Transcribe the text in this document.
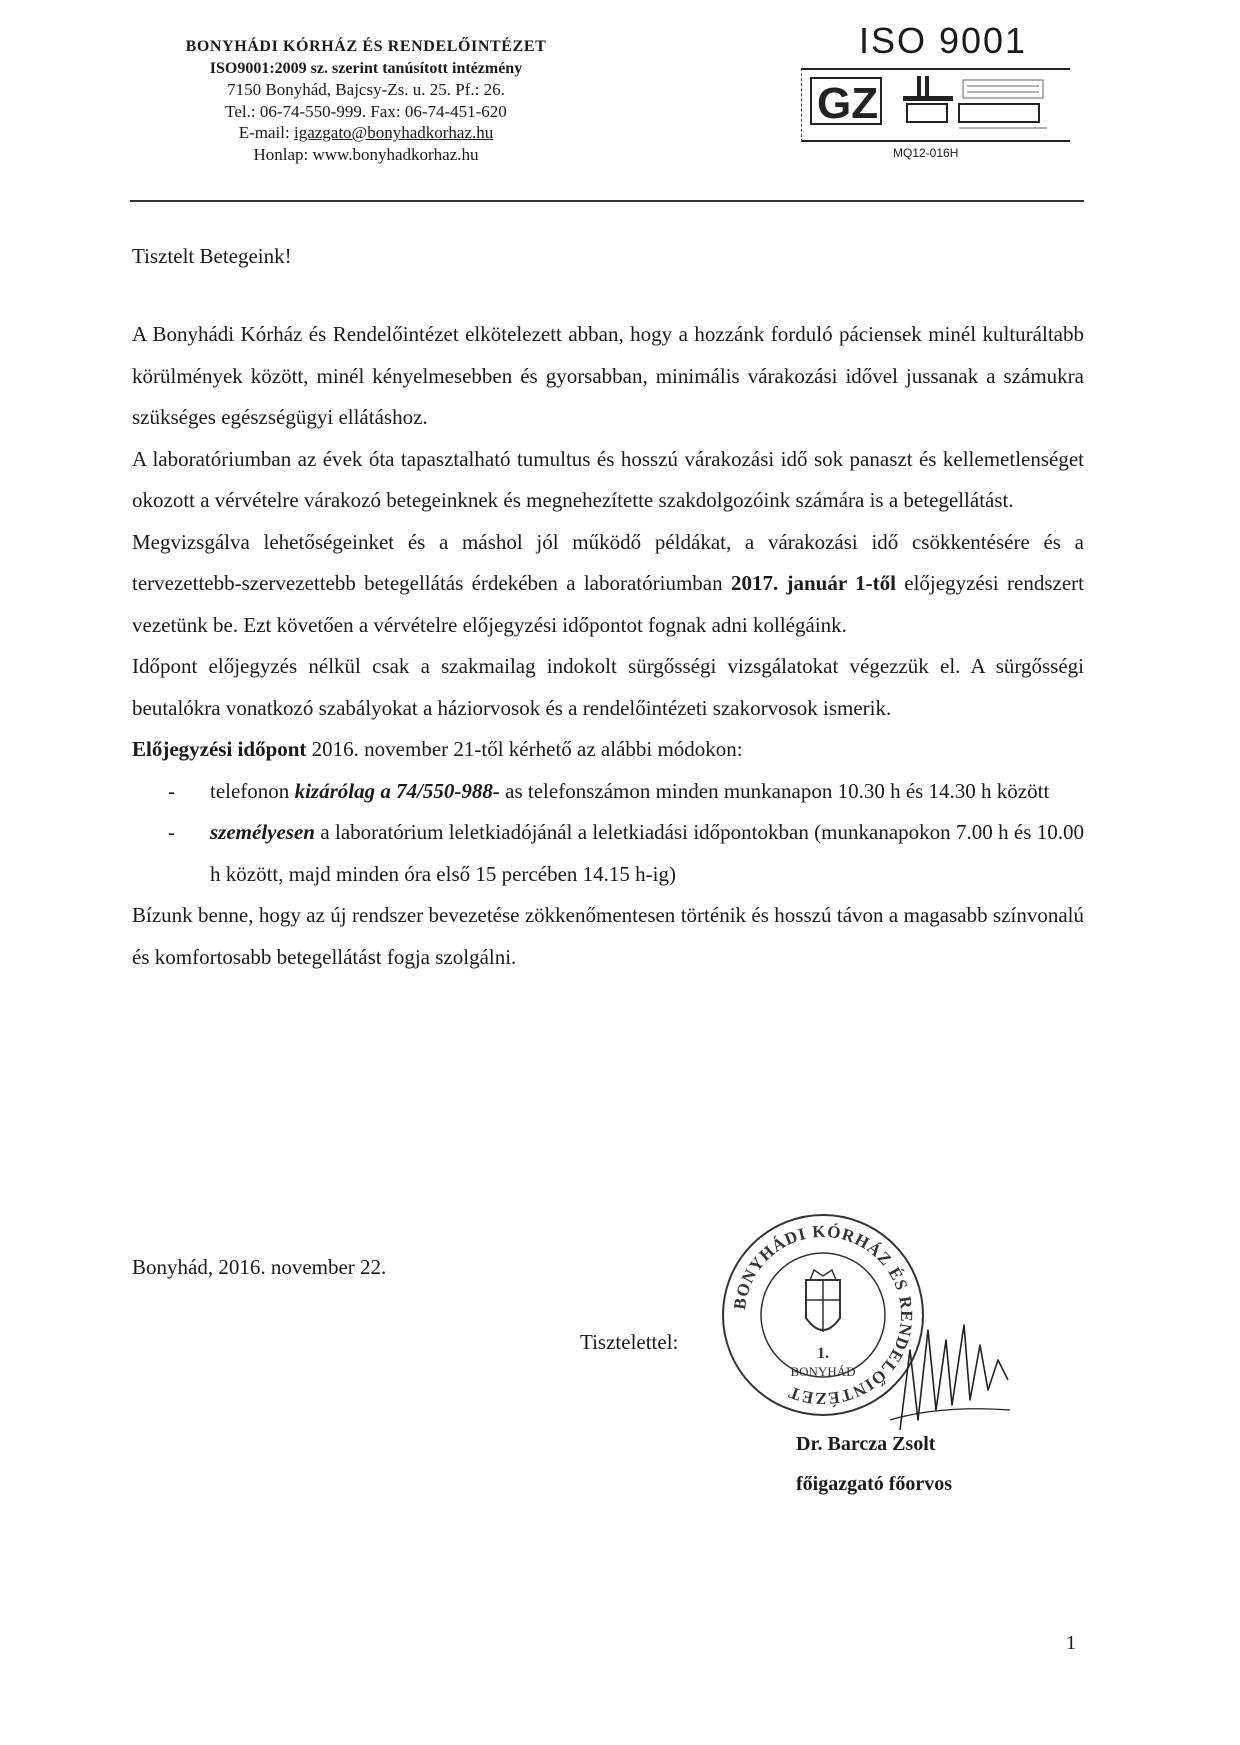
BONYHÁDI KÓRHÁZ ÉS RENDELŐINTÉZET
ISO9001:2009 sz. szerint tanúsított intézmény
7150 Bonyhád, Bajcsy-Zs. u. 25. Pf.: 26.
Tel.: 06-74-550-999. Fax: 06-74-451-620
E-mail: igazgato@bonyhadkorhaz.hu
Honlap: www.bonyhadkorhaz.hu
ISO 9001
GZ
MQ12-016H
Tisztelt Betegeink!

A Bonyhádi Kórház és Rendelőintézet elkötelezett abban, hogy a hozzánk forduló páciensek minél kulturáltabb körülmények között, minél kényelmesebben és gyorsabban, minimális várakozási idővel jussanak a számukra szükséges egészségügyi ellátáshoz.

A laboratóriumban az évek óta tapasztalható tumultus és hosszú várakozási idő sok panaszt és kellemetlenséget okozott a vérvételre várakozó betegeinknek és megnehezítette szakdolgozóink számára is a betegellátást.

Megvizsgálva lehetőségeinket és a máshol jól működő példákat, a várakozási idő csökkentésére és a tervezettebb-szervezettebb betegellátás érdekében a laboratóriumban 2017. január 1-től előjegyzési rendszert vezetünk be. Ezt követően a vérvételre előjegyzési időpontot fognak adni kollégáink.

Időpont előjegyzés nélkül csak a szakmailag indokolt sürgősségi vizsgálatokat végezzük el. A sürgősségi beutalókra vonatkozó szabályokat a háziorvosok és a rendelőintézeti szakorvosok ismerik.

Előjegyzési időpont 2016. november 21-től kérhető az alábbi módokon:

- telefonon kizárólag a 74/550-988- as telefonszámon minden munkanapon 10.30 h és 14.30 h között
- személyesen a laboratórium leletkiadójánál a leletkiadási időpontokban (munkanapokon 7.00 h és 10.00 h között, majd minden óra első 15 percében 14.15 h-ig)

Bízunk benne, hogy az új rendszer bevezetése zökkenőmentesen történik és hosszú távon a magasabb színvonalú és komfortosabb betegellátást fogja szolgálni.

Bonyhád, 2016. november 22.
Tisztelettel:
BONYHÁDI KÓRHÁZ ÉS RENDELŐINTÉZET
1.
BONYHÁD
Dr. Barcza Zsolt
főigazgató főorvos
1
